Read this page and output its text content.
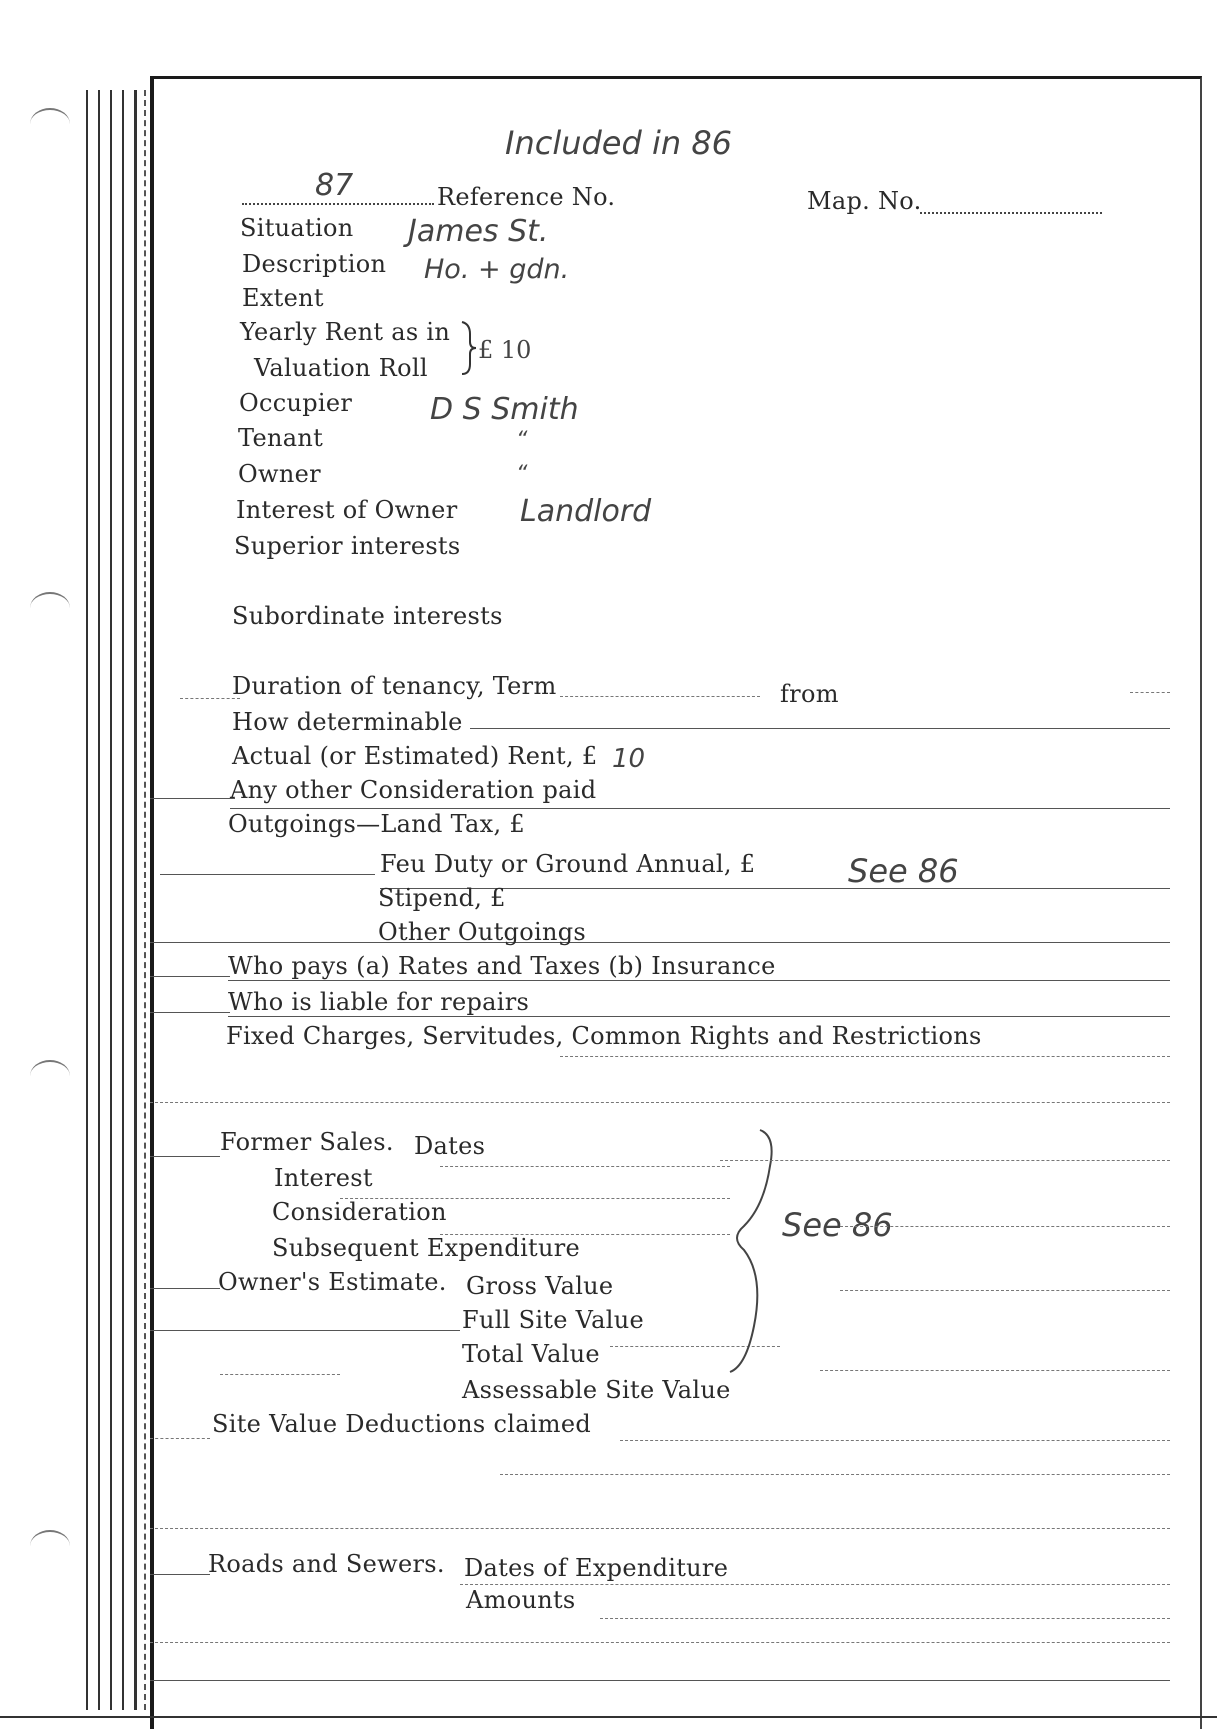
Included in 86
87	Reference No.	Map. No.
Situation James St.
Description Ho. + gdn.
Extent
Yearly Rent as in
Valuation Roll
£ 10
Occupier	D S Smith
Tenant	“
Owner	“
Interest of Owner Landlord
Superior interests
Subordinate interests
Duration of tenancy, Term	from
How determinable
Actual (or Estimated) Rent, £ 10
Any other Consideration paid
Outgoings—Land Tax, £
Feu Duty or Ground Annual, £	See 86
Stipend, £
Other Outgoings
Who pays (a) Rates and Taxes (b) Insurance
Who is liable for repairs
Fixed Charges, Servitudes, Common Rights and Restrictions
Former Sales. Dates
Interest
Consideration
Subsequent Expenditure
Owner's Estimate. Gross Value
Full Site Value
Total Value
Assessable Site Value
See 86
Site Value Deductions claimed
Roads and Sewers. Dates of Expenditure
Amounts
